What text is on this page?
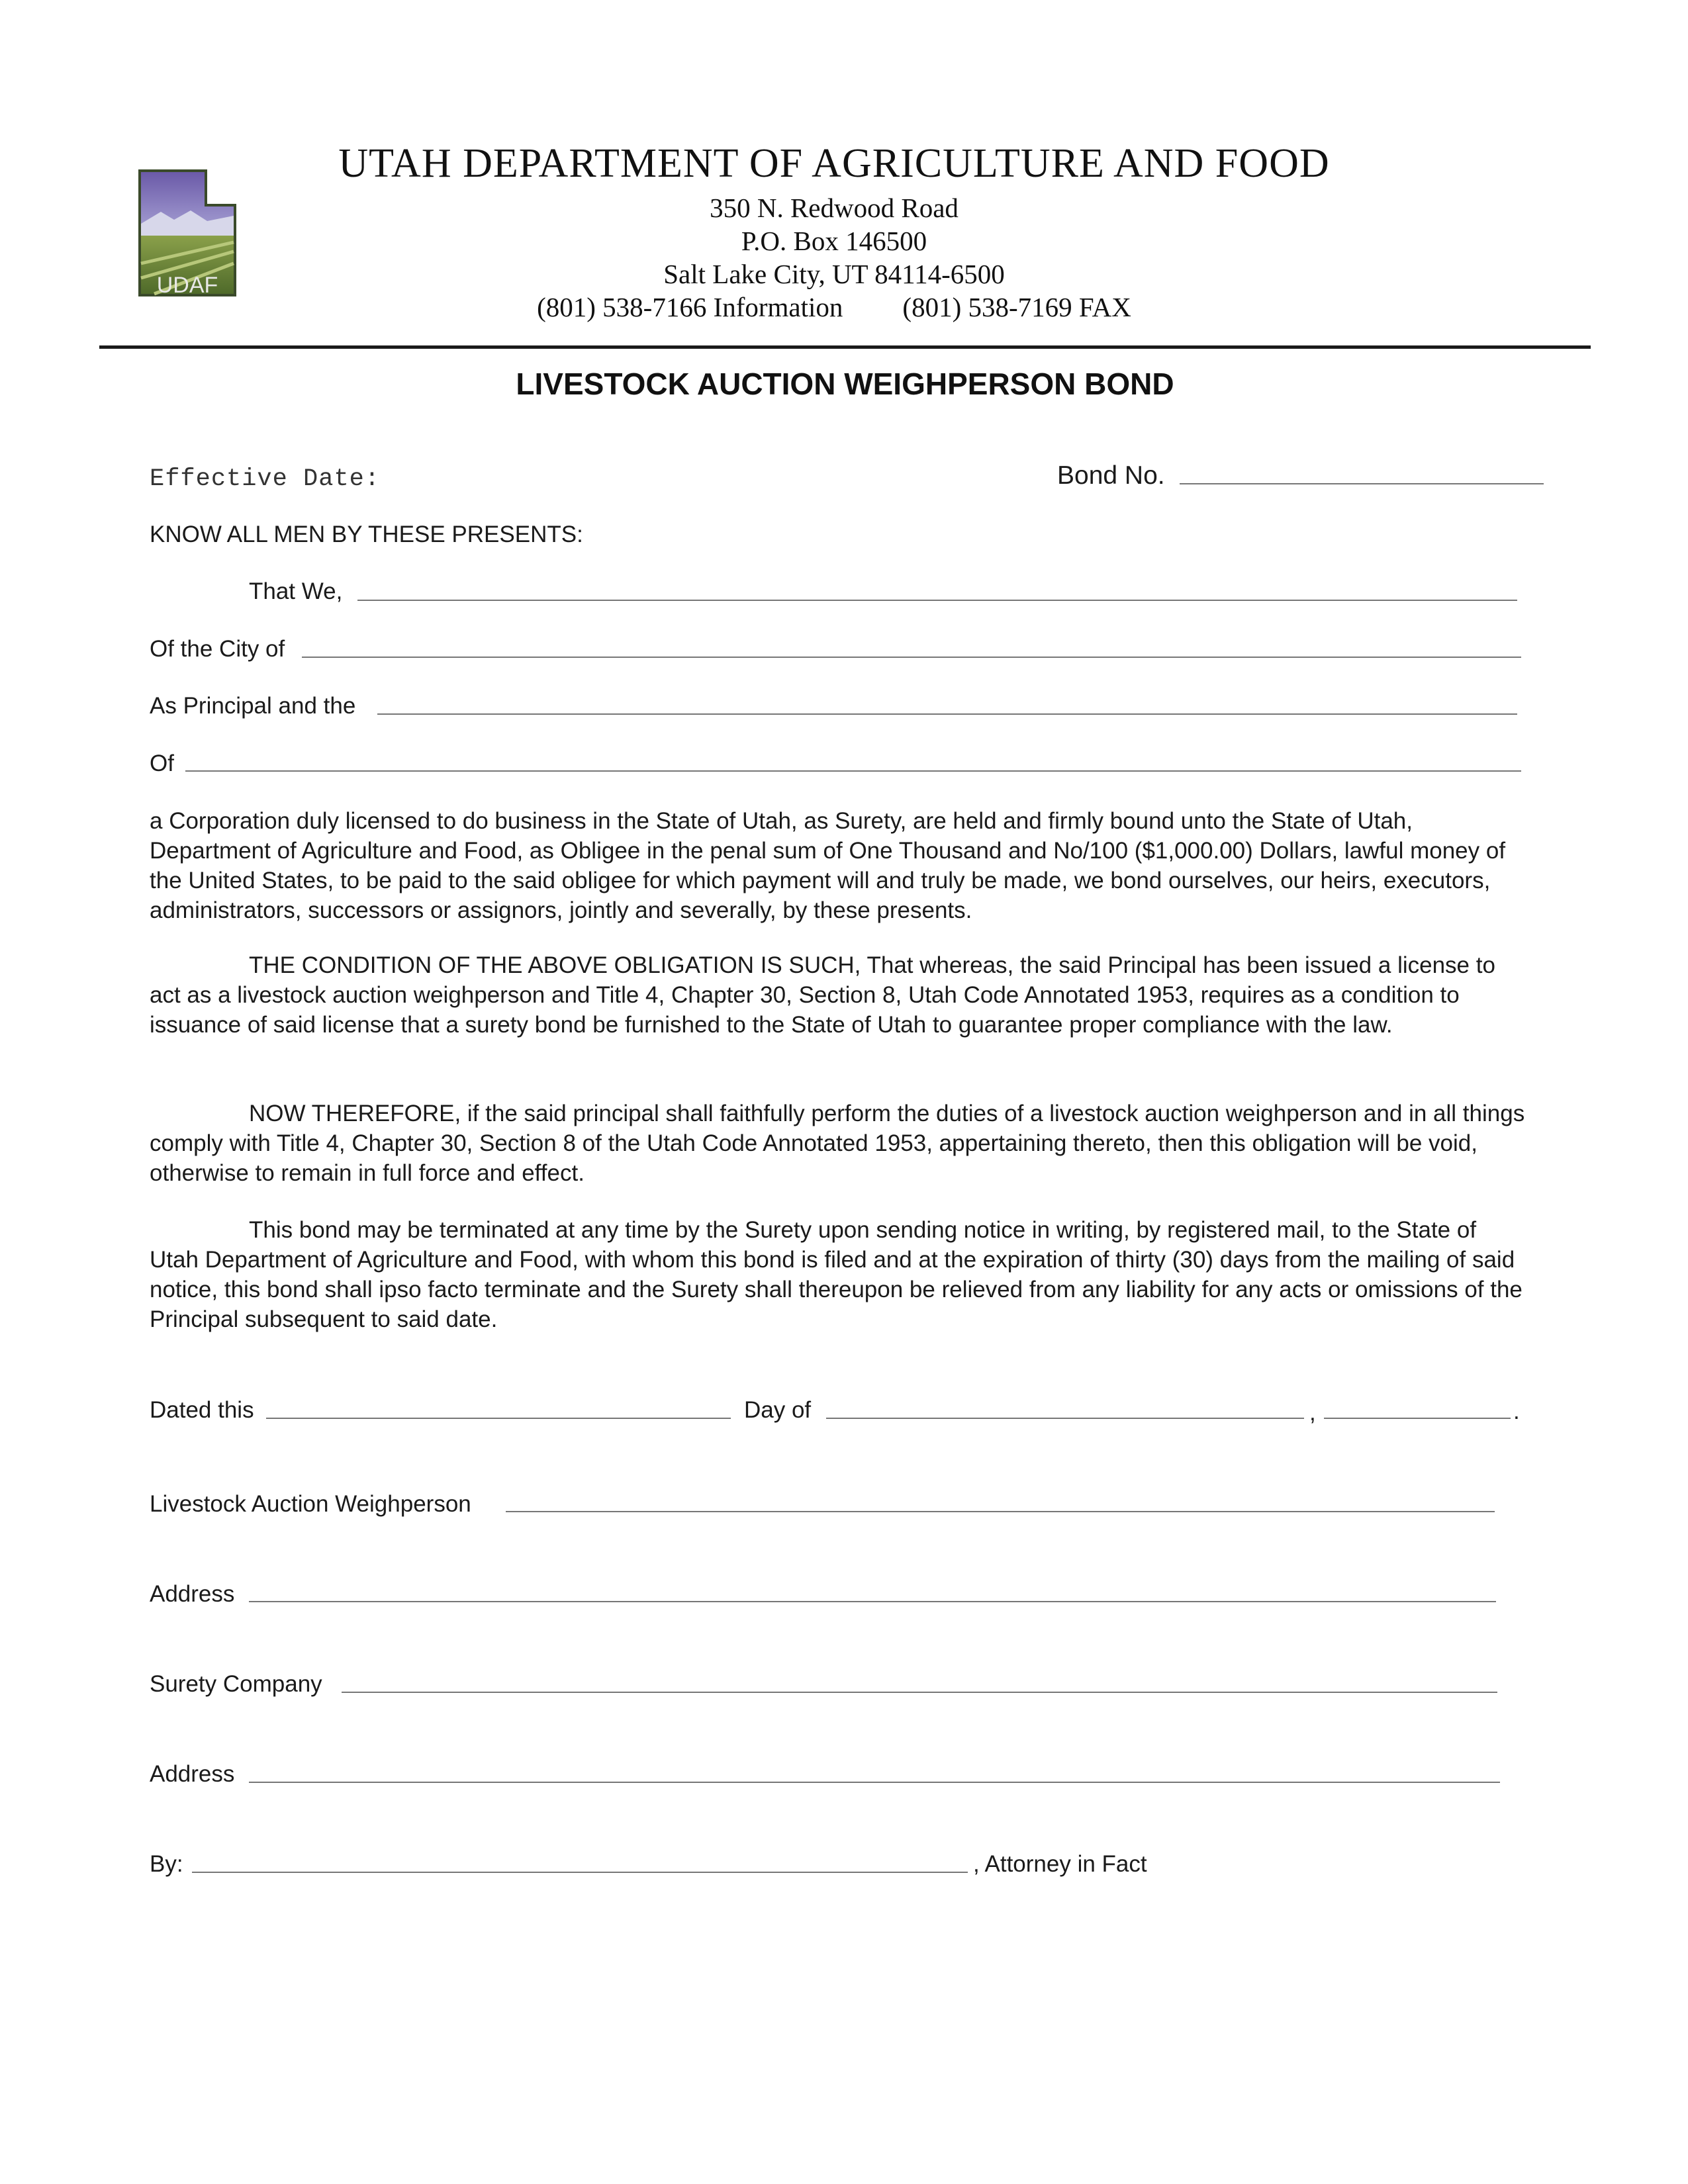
UDAF
UTAH DEPARTMENT OF AGRICULTURE AND FOOD
350 N. Redwood Road
P.O. Box 146500
Salt Lake City, UT 84114-6500
(801) 538-7166 Information (801) 538-7169 FAX
LIVESTOCK AUCTION WEIGHPERSON BOND
Effective Date:	Bond No.
KNOW ALL MEN BY THESE PRESENTS:
That We,
Of the City of
As Principal and the
Of
a Corporation duly licensed to do business in the State of Utah, as Surety, are held and firmly bound unto the State of Utah, Department of Agriculture and Food, as Obligee in the penal sum of One Thousand and No/100 ($1,000.00) Dollars, lawful money of the United States, to be paid to the said obligee for which payment will and truly be made, we bond ourselves, our heirs, executors, administrators, successors or assignors, jointly and severally, by these presents.
THE CONDITION OF THE ABOVE OBLIGATION IS SUCH, That whereas, the said Principal has been issued a license to act as a livestock auction weighperson and Title 4, Chapter 30, Section 8, Utah Code Annotated 1953, requires as a condition to issuance of said license that a surety bond be furnished to the State of Utah to guarantee proper compliance with the law.
NOW THEREFORE, if the said principal shall faithfully perform the duties of a livestock auction weighperson and in all things comply with Title 4, Chapter 30, Section 8 of the Utah Code Annotated 1953, appertaining thereto, then this obligation will be void, otherwise to remain in full force and effect.
This bond may be terminated at any time by the Surety upon sending notice in writing, by registered mail, to the State of Utah Department of Agriculture and Food, with whom this bond is filed and at the expiration of thirty (30) days from the mailing of said notice, this bond shall ipso facto terminate and the Surety shall thereupon be relieved from any liability for any acts or omissions of the Principal subsequent to said date.
Dated this	Day of	,	.
Livestock Auction Weighperson
Address
Surety Company
Address
By:	, Attorney in Fact
